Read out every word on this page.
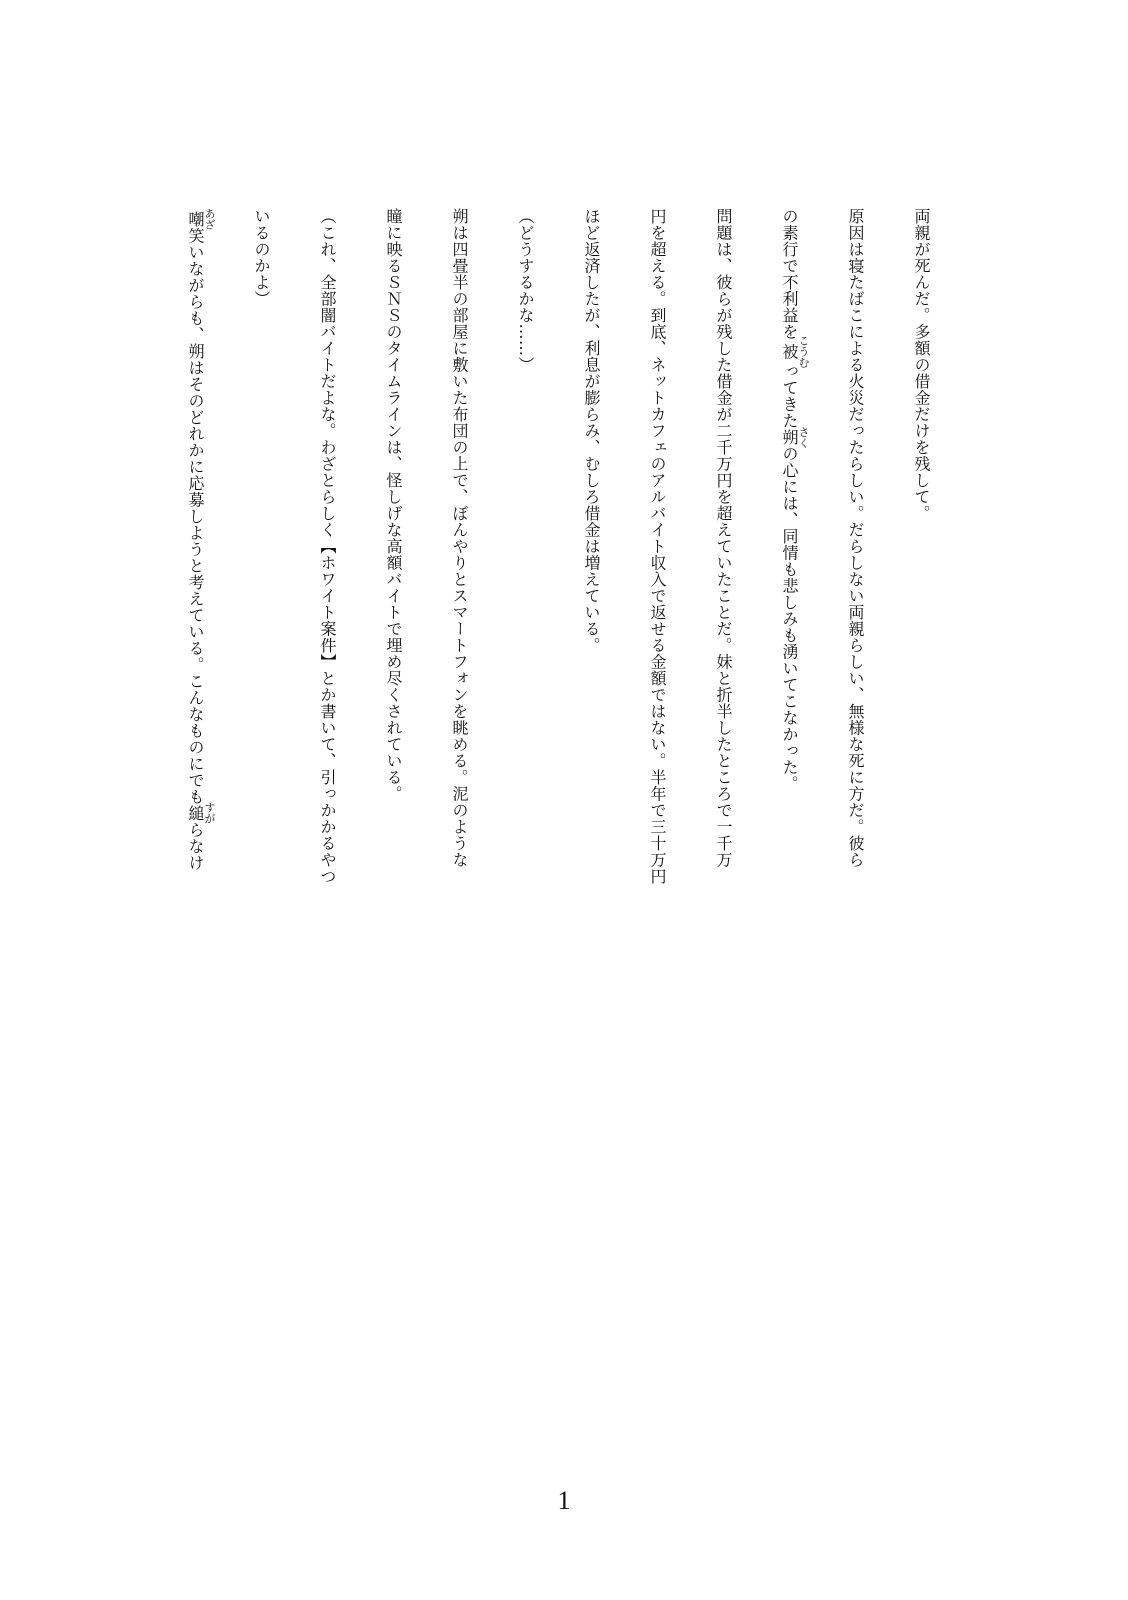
両親が死んだ。多額の借金だけを残して。
原因は寝たばこによる火災だったらしい。だらしない両親らしい、無様な死に方だ。彼ら
の素行で不利益を被こうむってきた朔さくの心には、同情も悲しみも湧いてこなかった。
問題は、彼らが残した借金が二千万円を超えていたことだ。妹と折半したところで一千万
円を超える。到底、ネットカフェのアルバイト収入で返せる金額ではない。半年で三十万円
ほど返済したが、利息が膨らみ、むしろ借金は増えている。
（どうするかな……）
朔は四畳半の部屋に敷いた布団の上で、ぼんやりとスマートフォンを眺める。泥のような
瞳に映るＳＮＳのタイムラインは、怪しげな高額バイトで埋め尽くされている。
（これ、全部闇バイトだよな。わざとらしく【ホワイト案件】とか書いて、引っかかるやつ
いるのかよ）
嘲あざ笑いながらも、朔はそのどれかに応募しようと考えている。こんなものにでも縋すがらなけ
1
